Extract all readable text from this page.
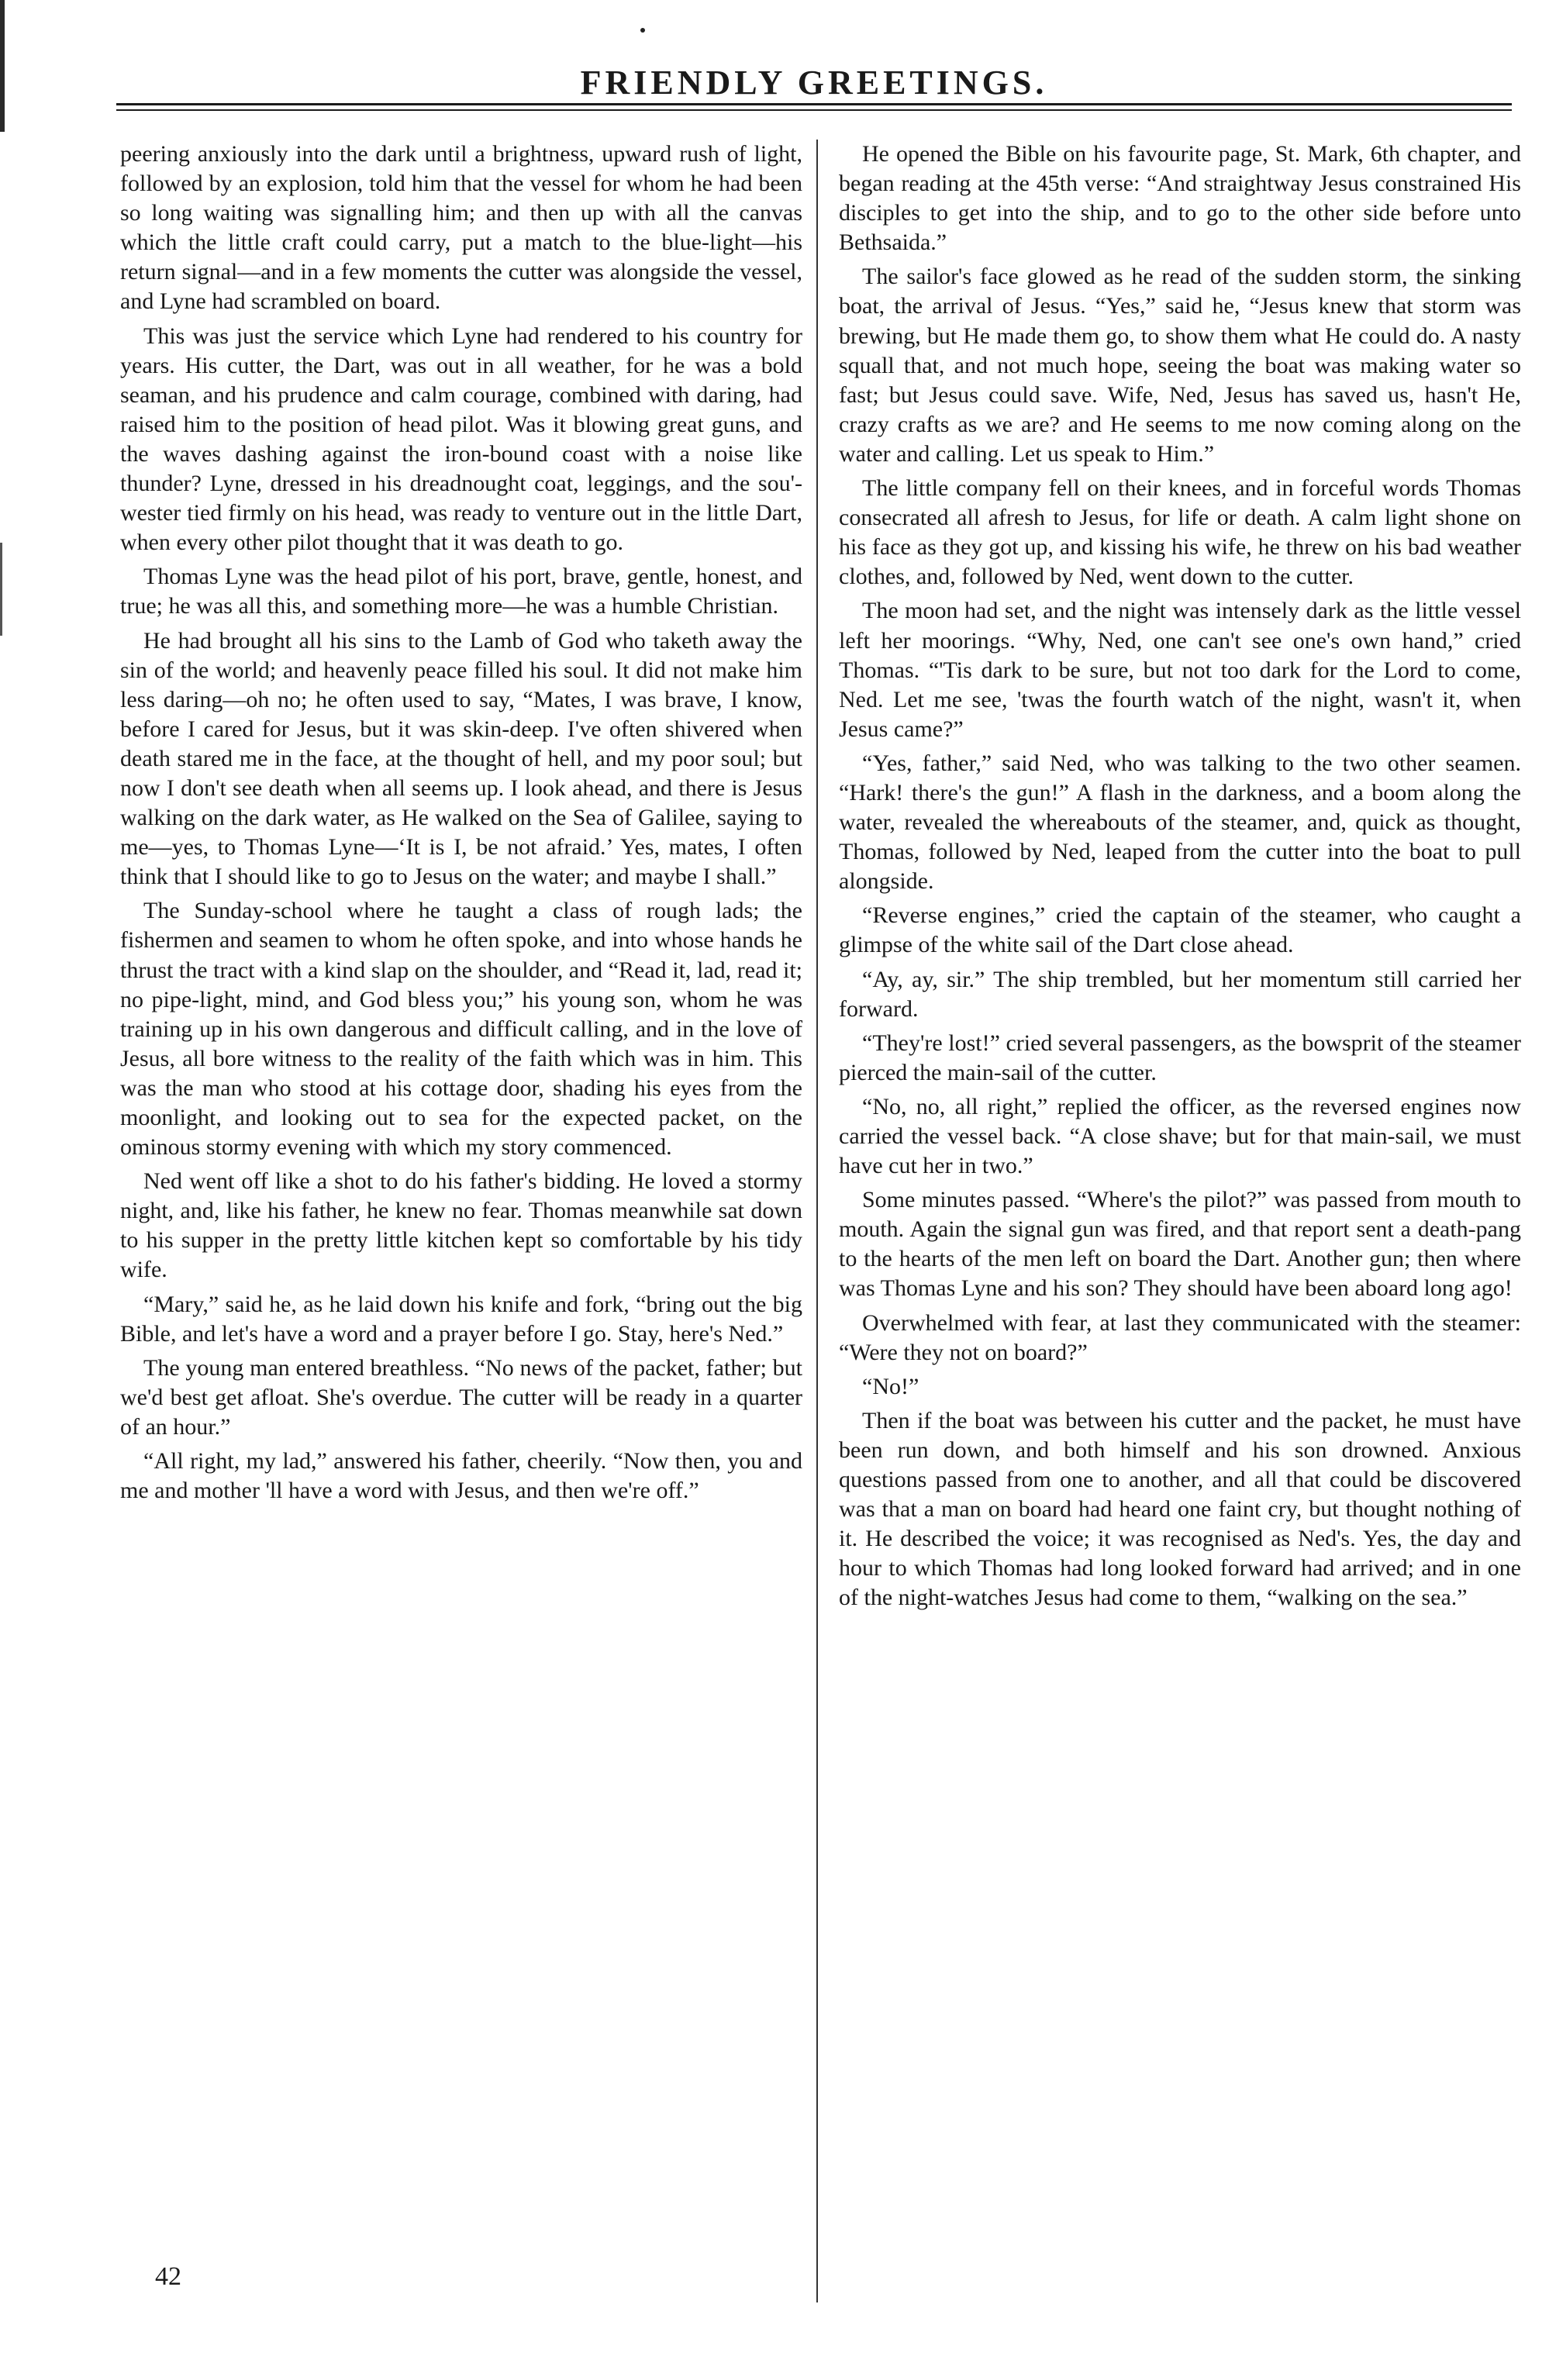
FRIENDLY GREETINGS.

peering anxiously into the dark until a brightness, upward rush of light, followed by an explosion, told him that the vessel for whom he had been so long waiting was signalling him; and then up with all the canvas which the little craft could carry, put a match to the blue-light—his return signal—and in a few moments the cutter was alongside the vessel, and Lyne had scrambled on board.

This was just the service which Lyne had rendered to his country for years. His cutter, the Dart, was out in all weather, for he was a bold seaman, and his prudence and calm courage, combined with daring, had raised him to the position of head pilot. Was it blowing great guns, and the waves dashing against the iron-bound coast with a noise like thunder? Lyne, dressed in his dreadnought coat, leggings, and the sou'-wester tied firmly on his head, was ready to venture out in the little Dart, when every other pilot thought that it was death to go.

Thomas Lyne was the head pilot of his port, brave, gentle, honest, and true; he was all this, and something more—he was a humble Christian.

He had brought all his sins to the Lamb of God who taketh away the sin of the world; and heavenly peace filled his soul. It did not make him less daring—oh no; he often used to say, “Mates, I was brave, I know, before I cared for Jesus, but it was skin-deep. I've often shivered when death stared me in the face, at the thought of hell, and my poor soul; but now I don't see death when all seems up. I look ahead, and there is Jesus walking on the dark water, as He walked on the Sea of Galilee, saying to me—yes, to Thomas Lyne—‘It is I, be not afraid.’ Yes, mates, I often think that I should like to go to Jesus on the water; and maybe I shall.”

The Sunday-school where he taught a class of rough lads; the fishermen and seamen to whom he often spoke, and into whose hands he thrust the tract with a kind slap on the shoulder, and “Read it, lad, read it; no pipe-light, mind, and God bless you;” his young son, whom he was training up in his own dangerous and difficult calling, and in the love of Jesus, all bore witness to the reality of the faith which was in him. This was the man who stood at his cottage door, shading his eyes from the moonlight, and looking out to sea for the expected packet, on the ominous stormy evening with which my story commenced.

Ned went off like a shot to do his father's bidding. He loved a stormy night, and, like his father, he knew no fear. Thomas meanwhile sat down to his supper in the pretty little kitchen kept so comfortable by his tidy wife.

“Mary,” said he, as he laid down his knife and fork, “bring out the big Bible, and let's have a word and a prayer before I go. Stay, here's Ned.”

The young man entered breathless. “No news of the packet, father; but we'd best get afloat. She's overdue. The cutter will be ready in a quarter of an hour.”

“All right, my lad,” answered his father, cheerily. “Now then, you and me and mother 'll have a word with Jesus, and then we're off.”

He opened the Bible on his favourite page, St. Mark, 6th chapter, and began reading at the 45th verse: “And straightway Jesus constrained His disciples to get into the ship, and to go to the other side before unto Bethsaida.”

The sailor's face glowed as he read of the sudden storm, the sinking boat, the arrival of Jesus. “Yes,” said he, “Jesus knew that storm was brewing, but He made them go, to show them what He could do. A nasty squall that, and not much hope, seeing the boat was making water so fast; but Jesus could save. Wife, Ned, Jesus has saved us, hasn't He, crazy crafts as we are? and He seems to me now coming along on the water and calling. Let us speak to Him.”

The little company fell on their knees, and in forceful words Thomas consecrated all afresh to Jesus, for life or death. A calm light shone on his face as they got up, and kissing his wife, he threw on his bad weather clothes, and, followed by Ned, went down to the cutter.

The moon had set, and the night was intensely dark as the little vessel left her moorings. “Why, Ned, one can't see one's own hand,” cried Thomas. “'Tis dark to be sure, but not too dark for the Lord to come, Ned. Let me see, 'twas the fourth watch of the night, wasn't it, when Jesus came?”

“Yes, father,” said Ned, who was talking to the two other seamen. “Hark! there's the gun!” A flash in the darkness, and a boom along the water, revealed the whereabouts of the steamer, and, quick as thought, Thomas, followed by Ned, leaped from the cutter into the boat to pull alongside.

“Reverse engines,” cried the captain of the steamer, who caught a glimpse of the white sail of the Dart close ahead.

“Ay, ay, sir.” The ship trembled, but her momentum still carried her forward.

“They're lost!” cried several passengers, as the bowsprit of the steamer pierced the main-sail of the cutter.

“No, no, all right,” replied the officer, as the reversed engines now carried the vessel back. “A close shave; but for that main-sail, we must have cut her in two.”

Some minutes passed. “Where's the pilot?” was passed from mouth to mouth. Again the signal gun was fired, and that report sent a death-pang to the hearts of the men left on board the Dart. Another gun; then where was Thomas Lyne and his son? They should have been aboard long ago!

Overwhelmed with fear, at last they communicated with the steamer: “Were they not on board?”

“No!”

Then if the boat was between his cutter and the packet, he must have been run down, and both himself and his son drowned. Anxious questions passed from one to another, and all that could be discovered was that a man on board had heard one faint cry, but thought nothing of it. He described the voice; it was recognised as Ned's. Yes, the day and hour to which Thomas had long looked forward had arrived; and in one of the night-watches Jesus had come to them, “walking on the sea.”

42
